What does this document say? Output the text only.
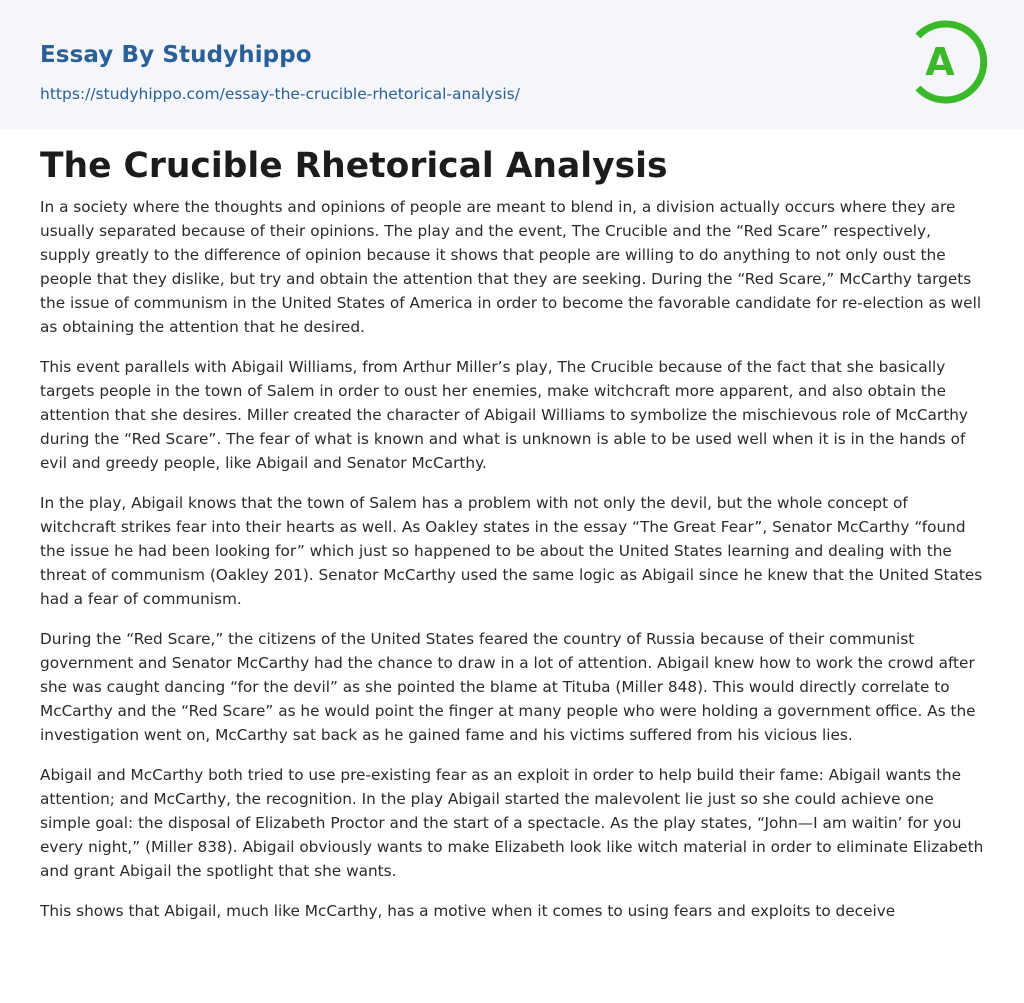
Essay By Studyhippo
https://studyhippo.com/essay-the-crucible-rhetorical-analysis/
A
The Crucible Rhetorical Analysis

In a society where the thoughts and opinions of people are meant to blend in, a division actually occurs where they are usually separated because of their opinions. The play and the event, The Crucible and the “Red Scare” respectively, supply greatly to the difference of opinion because it shows that people are willing to do anything to not only oust the people that they dislike, but try and obtain the attention that they are seeking. During the “Red Scare,” McCarthy targets the issue of communism in the United States of America in order to become the favorable candidate for re-election as well as obtaining the attention that he desired.

This event parallels with Abigail Williams, from Arthur Miller’s play, The Crucible because of the fact that she basically targets people in the town of Salem in order to oust her enemies, make witchcraft more apparent, and also obtain the attention that she desires. Miller created the character of Abigail Williams to symbolize the mischievous role of McCarthy during the “Red Scare”. The fear of what is known and what is unknown is able to be used well when it is in the hands of evil and greedy people, like Abigail and Senator McCarthy.

In the play, Abigail knows that the town of Salem has a problem with not only the devil, but the whole concept of witchcraft strikes fear into their hearts as well. As Oakley states in the essay “The Great Fear”, Senator McCarthy “found the issue he had been looking for” which just so happened to be about the United States learning and dealing with the threat of communism (Oakley 201). Senator McCarthy used the same logic as Abigail since he knew that the United States had a fear of communism.

During the “Red Scare,” the citizens of the United States feared the country of Russia because of their communist government and Senator McCarthy had the chance to draw in a lot of attention. Abigail knew how to work the crowd after she was caught dancing “for the devil” as she pointed the blame at Tituba (Miller 848). This would directly correlate to McCarthy and the “Red Scare” as he would point the finger at many people who were holding a government office. As the investigation went on, McCarthy sat back as he gained fame and his victims suffered from his vicious lies.

Abigail and McCarthy both tried to use pre-existing fear as an exploit in order to help build their fame: Abigail wants the attention; and McCarthy, the recognition. In the play Abigail started the malevolent lie just so she could achieve one simple goal: the disposal of Elizabeth Proctor and the start of a spectacle. As the play states, “John—I am waitin’ for you every night,” (Miller 838). Abigail obviously wants to make Elizabeth look like witch material in order to eliminate Elizabeth and grant Abigail the spotlight that she wants.

This shows that Abigail, much like McCarthy, has a motive when it comes to using fears and exploits to deceive
